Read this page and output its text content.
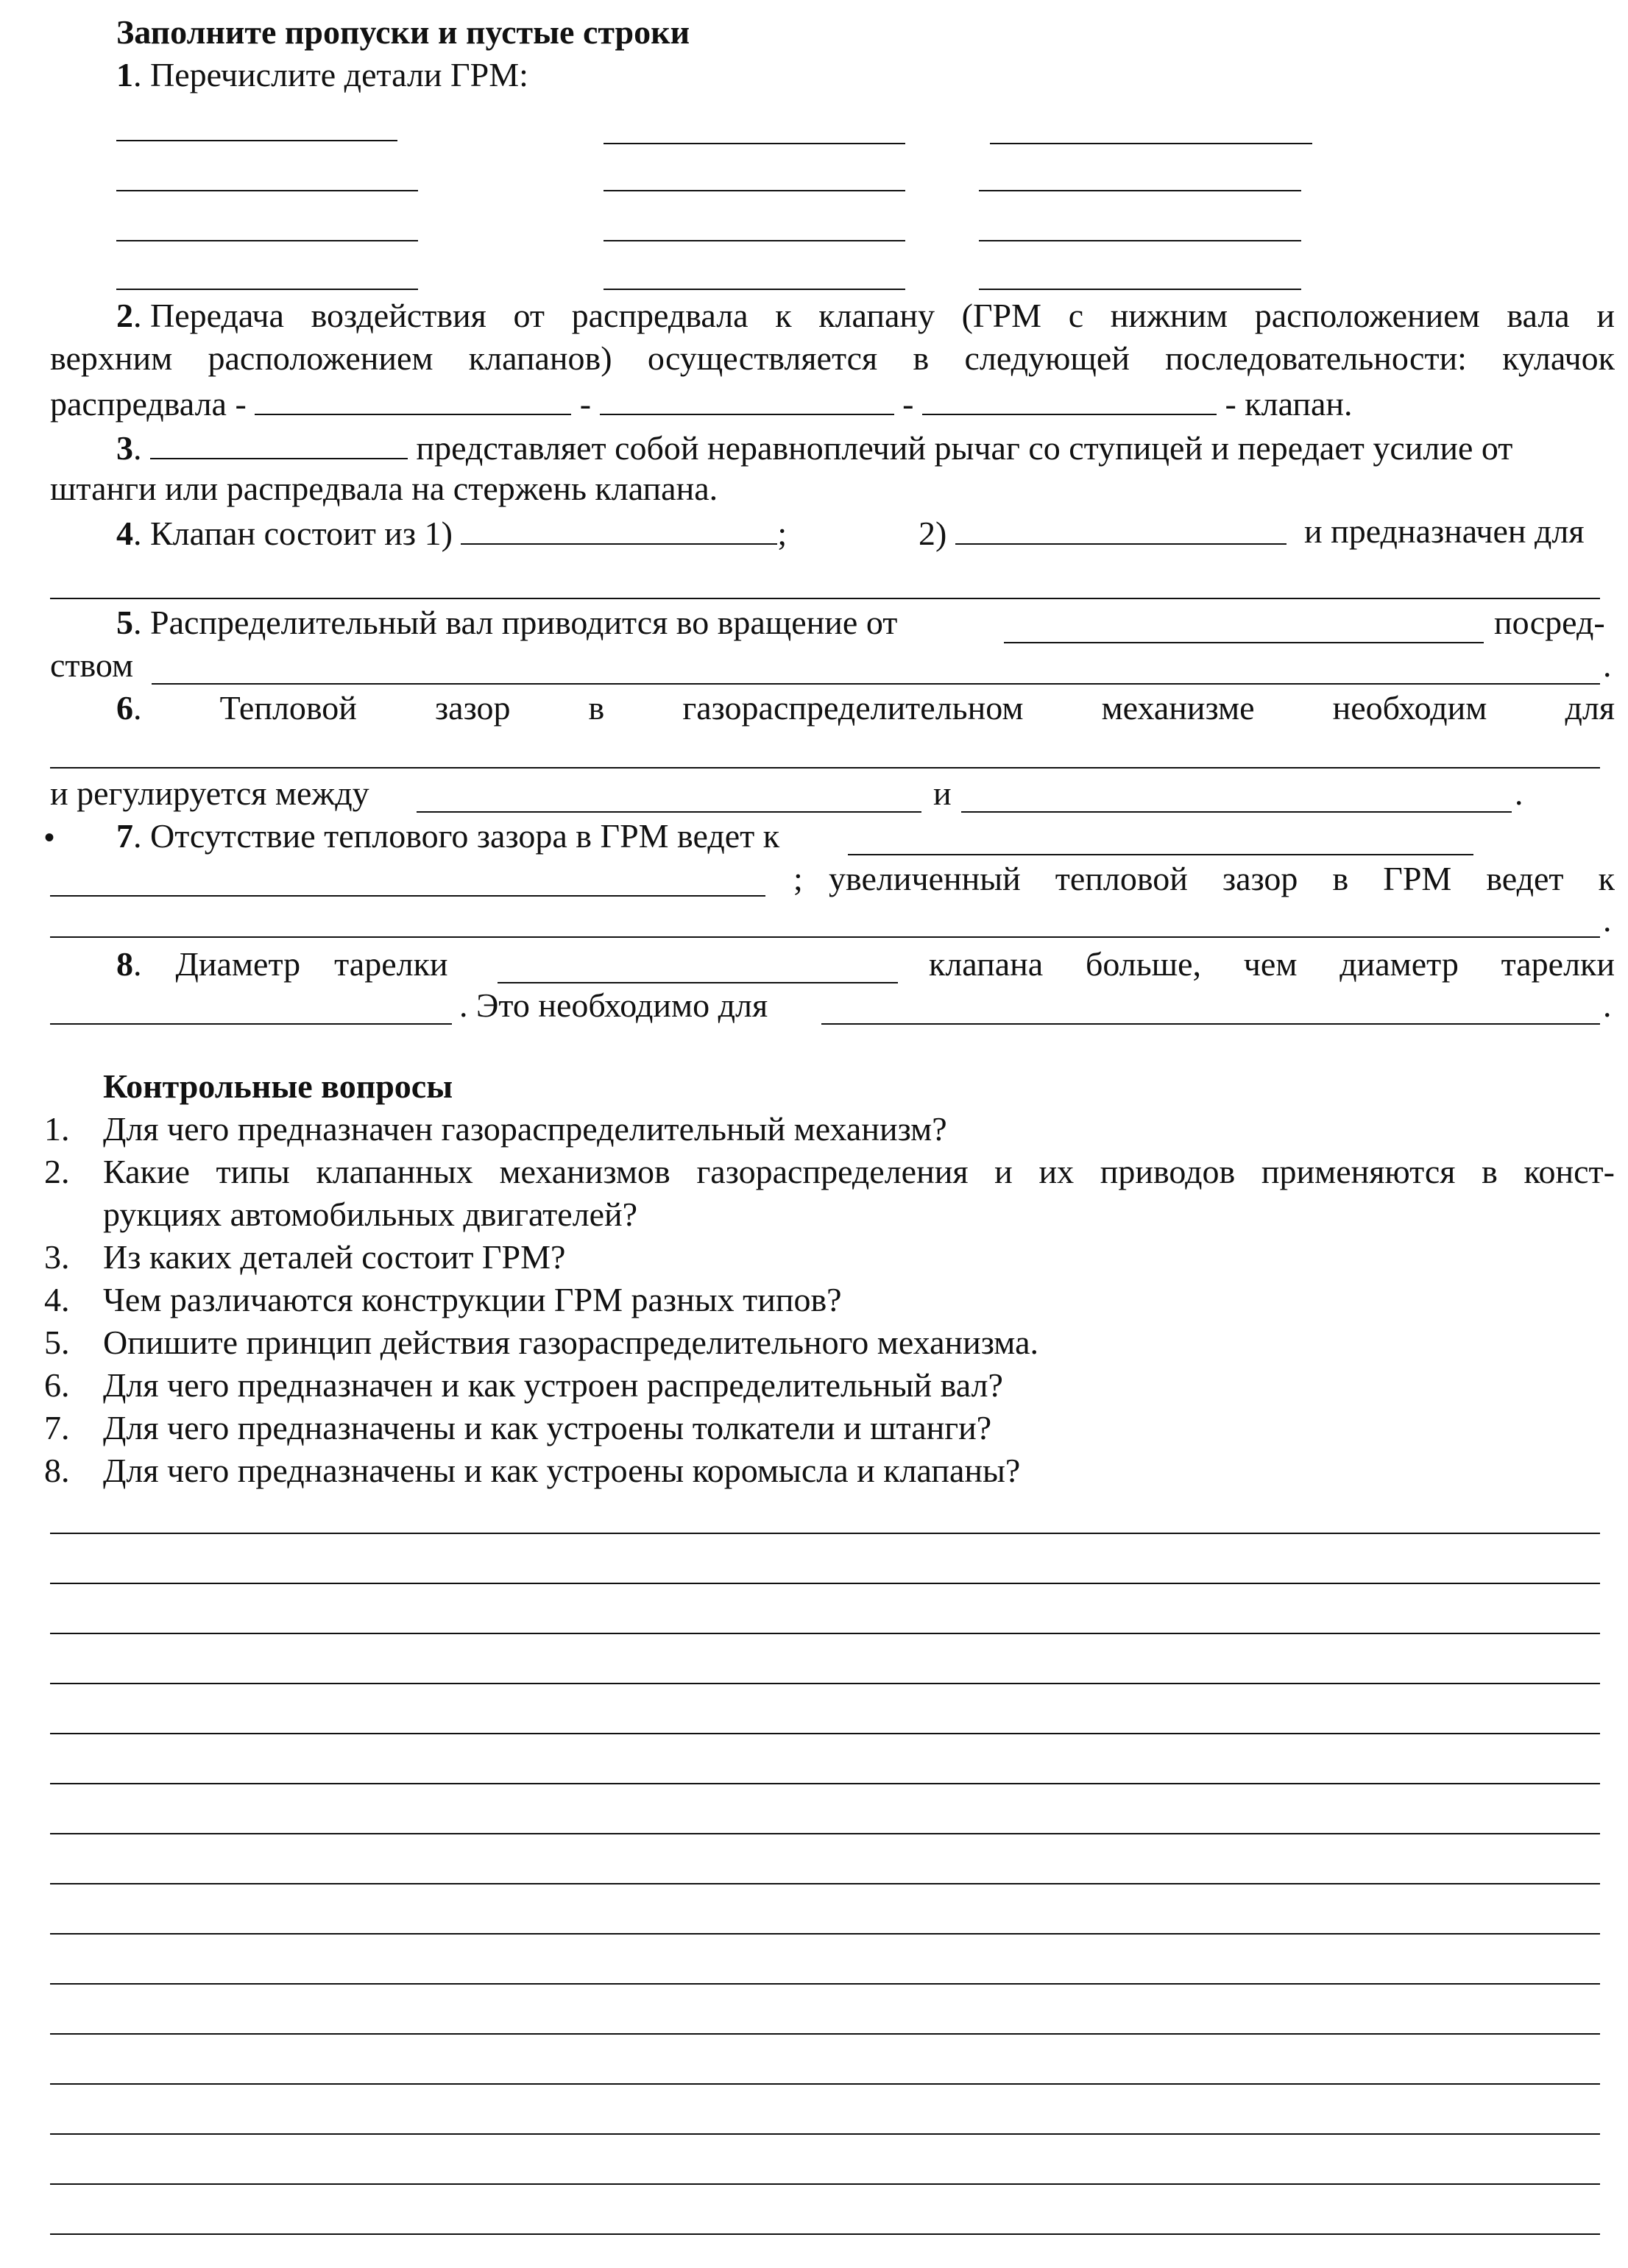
Заполните пропуски и пустые строки
1. Перечислите детали ГРМ:
2. Передача воздействия от распредвала к клапану (ГРМ с нижним расположением вала и
верхним расположением клапанов) осуществляется в следующей последовательности: кулачок
распредвала -	-	-	- клапан.
3.	представляет собой неравноплечий рычаг со ступицей и передает усилие от
штанги или распредвала на стержень клапана.
4. Клапан состоит из 1)	;	2)	и предназначен для
5. Распределительный вал приводится во вращение от	посред-
ством	.
6. Тепловой зазор в газораспределительном механизме необходим для
и регулируется между	и	.
• 7. Отсутствие теплового зазора в ГРМ ведет к
; увеличенный тепловой зазор в ГРМ ведет к
.
8. Диаметр тарелки	клапана больше, чем диаметр тарелки
. Это необходимо для	.
Контрольные вопросы
1. Для чего предназначен газораспределительный механизм?
2. Какие типы клапанных механизмов газораспределения и их приводов применяются в конст-
рукциях автомобильных двигателей?
3. Из каких деталей состоит ГРМ?
4. Чем различаются конструкции ГРМ разных типов?
5. Опишите принцип действия газораспределительного механизма.
6. Для чего предназначен и как устроен распределительный вал?
7. Для чего предназначены и как устроены толкатели и штанги?
8. Для чего предназначены и как устроены коромысла и клапаны?
